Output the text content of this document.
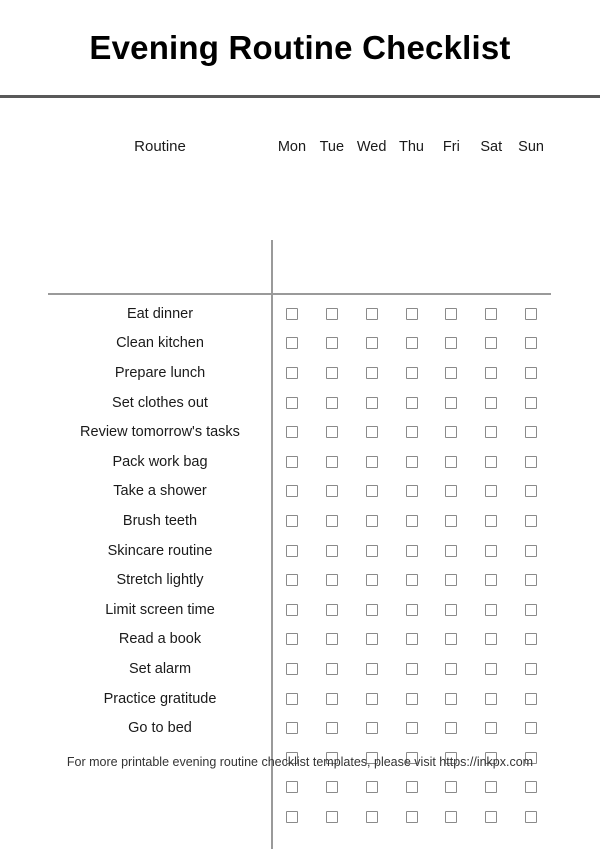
Evening Routine Checklist
Routine	Mon Tue Wed Thu	Fri	Sat	Sun
Eat dinner
Clean kitchen
Prepare lunch
Set clothes out
Review tomorrow's tasks
Pack work bag
Take a shower
Brush teeth
Skincare routine
Stretch lightly
Limit screen time
Read a book
Set alarm
Practice gratitude
Go to bed
For more printable evening routine checklist templates, please visit https://inkpx.com
